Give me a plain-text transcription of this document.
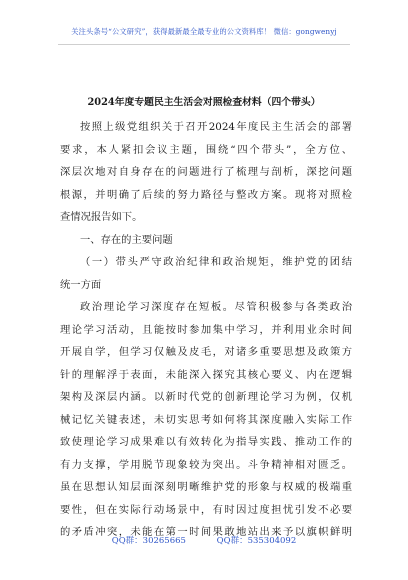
关注头条号“公文研究”，获得最新最全最专业的公文资料库！ 微信：gongwenyj
2024年度专题民主生活会对照检查材料（四个带头）
按照上级党组织关于召开2024年度民主生活会的部署
要求，本人紧扣会议主题，围绕“四个带头”，全方位、
深层次地对自身存在的问题进行了梳理与剖析，深挖问题
根源，并明确了后续的努力路径与整改方案。现将对照检
查情况报告如下。
一、存在的主要问题
（一）带头严守政治纪律和政治规矩，维护党的团结
统一方面
政治理论学习深度存在短板。尽管积极参与各类政治
理论学习活动，且能按时参加集中学习，并利用业余时间
开展自学，但学习仅触及皮毛，对诸多重要思想及政策方
针的理解浮于表面，未能深入探究其核心要义、内在逻辑
架构及深层内涵。以新时代党的创新理论学习为例，仅机
械记忆关键表述，未切实思考如何将其深度融入实际工作
致使理论学习成果难以有效转化为指导实践、推动工作的
有力支撑，学用脱节现象较为突出。斗争精神相对匮乏。
虽在思想认知层面深刻明晰维护党的形象与权威的极端重
要性，但在实际行动场景中，有时因过度担忧引发不必要
的矛盾冲突，未能在第一时间果敢地站出来予以旗帜鲜明
QQ群：30265665	QQ群：535304092
